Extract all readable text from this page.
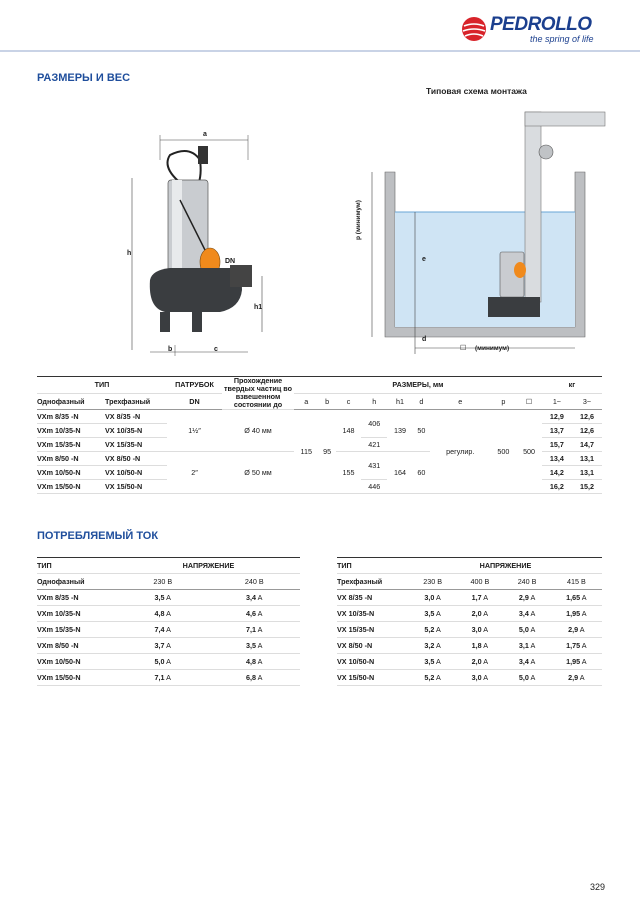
PEDROLLO
the spring of life
РАЗМЕРЫ И ВЕС
a
h
h1
DN
b	c
Типовая схема монтажа
p (минимум)
e
d
☐ (минимум)
ТИП		ПАТРУБОК	Прохождение твердых частиц во взвешенном состоянии до	РАЗМЕРЫ, мм									кг	
Однофазный	Трехфазный	DN		a	b	c	h	h1	d	e	p	☐	1~	3~
VXm 8/35 -N	VX 8/35 -N	1½″	Ø 40 мм	115	95	148	406	139	50	регулир.	500	500	12,9	12,6
VXm 10/35-N	VX 10/35-N												13,7	12,6
VXm 15/35-N	VX 15/35-N						421						15,7	14,7
VXm 8/50 -N	VX 8/50 -N	2″	Ø 50 мм			155	431	164	60				13,4	13,1
VXm 10/50-N	VX 10/50-N												14,2	13,1
VXm 15/50-N	VX 15/50-N						446						16,2	15,2
ПОТРЕБЛЯЕМЫЙ ТОК
ТИП	НАПРЯЖЕНИЕ	
Однофазный	230 В	240 В
VXm 8/35 -N	3,5 A	3,4 A
VXm 10/35-N	4,8 A	4,6 A
VXm 15/35-N	7,4 A	7,1 A
VXm 8/50 -N	3,7 A	3,5 A
VXm 10/50-N	5,0 A	4,8 A
VXm 15/50-N	7,1 A	6,8 A
ТИП	НАПРЯЖЕНИЕ			
Трехфазный	230 В	400 В	240 В	415 В
VX 8/35 -N	3,0 A	1,7 A	2,9 A	1,65 A
VX 10/35-N	3,5 A	2,0 A	3,4 A	1,95 A
VX 15/35-N	5,2 A	3,0 A	5,0 A	2,9 A
VX 8/50 -N	3,2 A	1,8 A	3,1 A	1,75 A
VX 10/50-N	3,5 A	2,0 A	3,4 A	1,95 A
VX 15/50-N	5,2 A	3,0 A	5,0 A	2,9 A
329
